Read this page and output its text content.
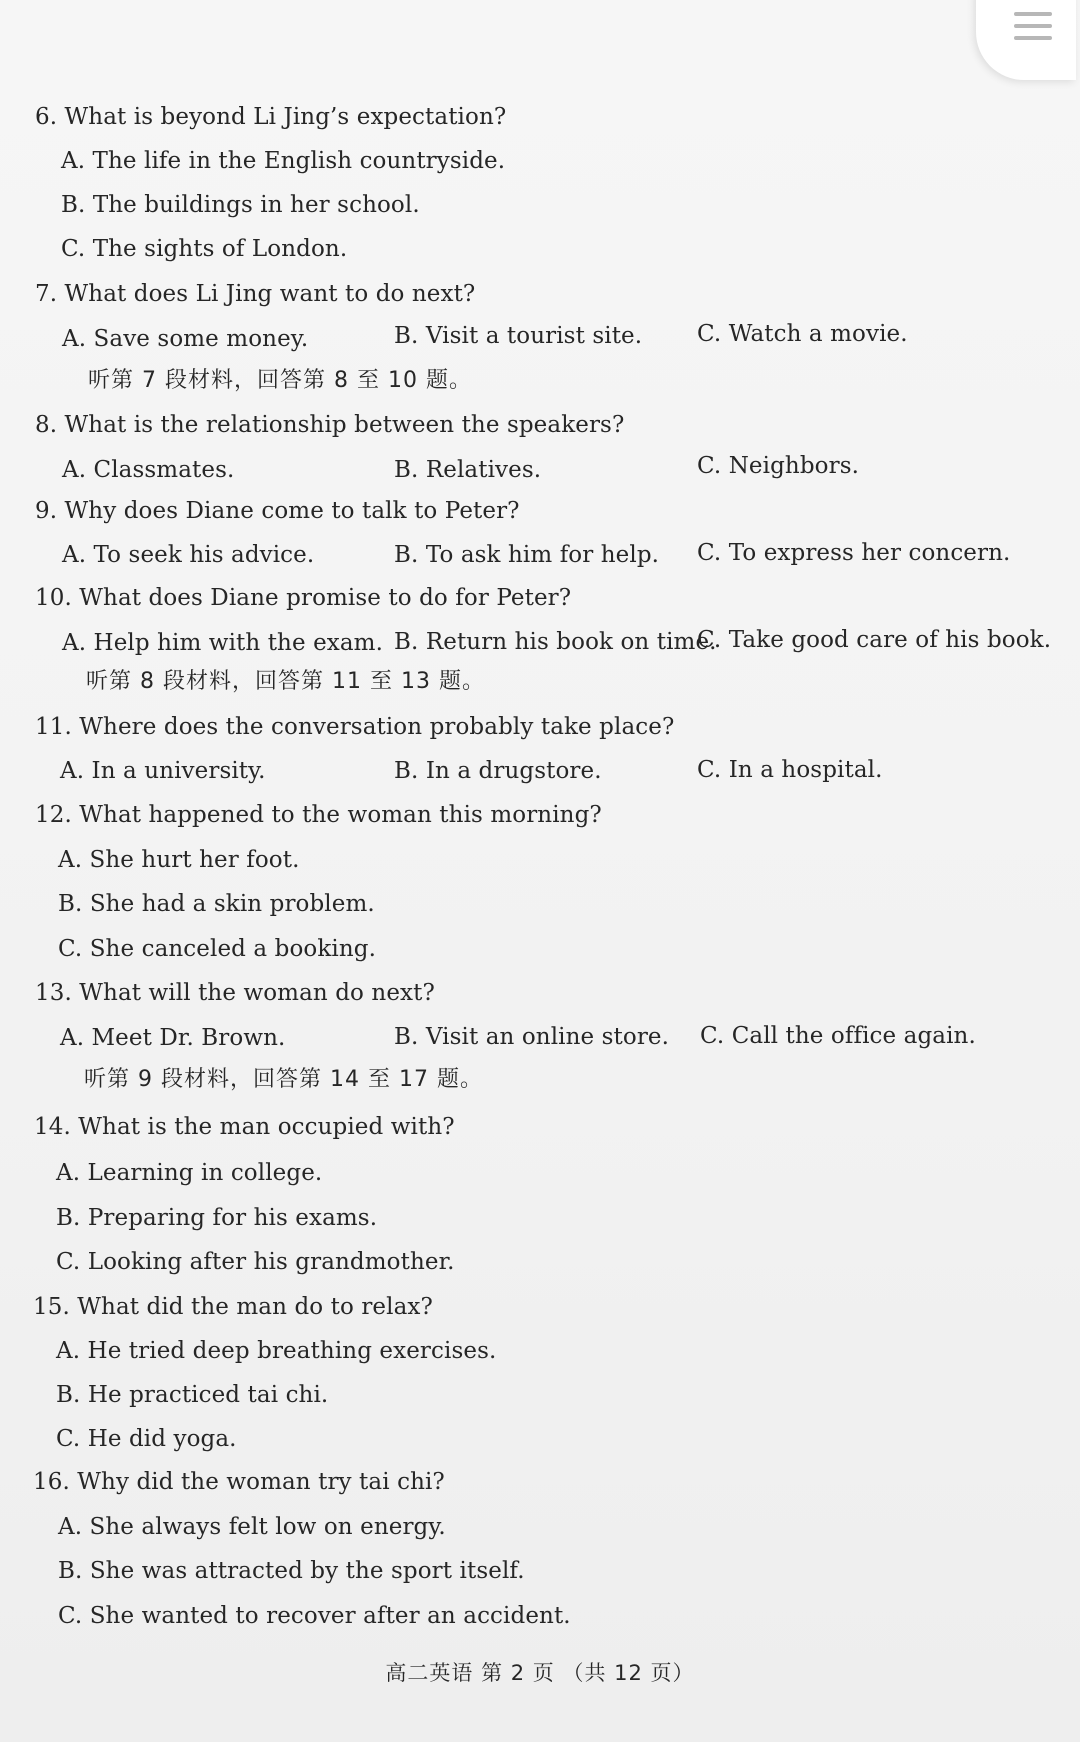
6. What is beyond Li Jing’s expectation?
A. The life in the English countryside.
B. The buildings in her school.
C. The sights of London.
7. What does Li Jing want to do next?
A. Save some money.	B. Visit a tourist site. C. Watch a movie.
听第 7 段材料，回答第 8 至 10 题。
8. What is the relationship between the speakers?
A. Classmates.	B. Relatives.	C. Neighbors.
9. Why does Diane come to talk to Peter?
A. To seek his advice.	B. To ask him for help. C. To express her concern.
10. What does Diane promise to do for Peter?
A. Help him with the exam. B. Return his book on time.
C. Take good care of his book.
听第 8 段材料，回答第 11 至 13 题。
11. Where does the conversation probably take place?
A. In a university.	B. In a drugstore.	C. In a hospital.
12. What happened to the woman this morning?
A. She hurt her foot.
B. She had a skin problem.
C. She canceled a booking.
13. What will the woman do next?
A. Meet Dr. Brown.	B. Visit an online store. C. Call the office again.
听第 9 段材料，回答第 14 至 17 题。
14. What is the man occupied with?
A. Learning in college.
B. Preparing for his exams.
C. Looking after his grandmother.
15. What did the man do to relax?
A. He tried deep breathing exercises.
B. He practiced tai chi.
C. He did yoga.
16. Why did the woman try tai chi?
A. She always felt low on energy.
B. She was attracted by the sport itself.
C. She wanted to recover after an accident.
高二英语 第 2 页 （共 12 页）
